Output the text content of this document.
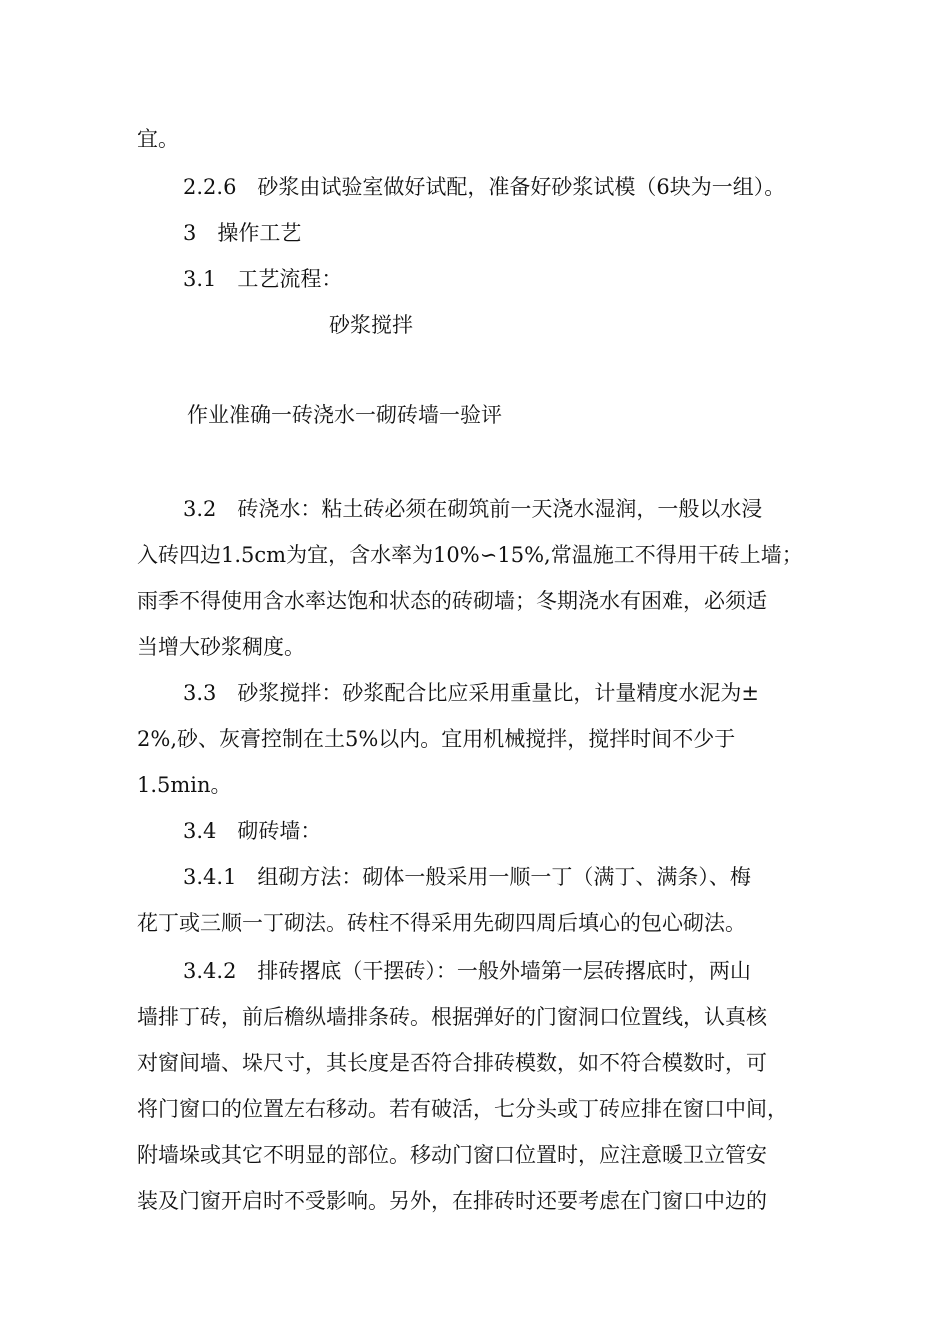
宜。
2.2.6　砂浆由试验室做好试配，准备好砂浆试模（6块为一组）。
3　操作工艺
3.1　工艺流程：
砂浆搅拌
作业准确一砖浇水一砌砖墙一验评
3.2　砖浇水：粘土砖必须在砌筑前一天浇水湿润，一般以水浸
入砖四边1.5cm为宜，含水率为10%∽15%,常温施工不得用干砖上墙；
雨季不得使用含水率达饱和状态的砖砌墙；冬期浇水有困难，必须适
当增大砂浆稠度。
3.3　砂浆搅拌：砂浆配合比应采用重量比，计量精度水泥为±
2%,砂、灰膏控制在土5%以内。宜用机械搅拌，搅拌时间不少于
1.5min。
3.4　砌砖墙：
3.4.1　组砌方法：砌体一般采用一顺一丁（满丁、满条）、梅
花丁或三顺一丁砌法。砖柱不得采用先砌四周后填心的包心砌法。
3.4.2　排砖撂底（干摆砖）：一般外墙第一层砖撂底时，两山
墙排丁砖，前后檐纵墙排条砖。根据弹好的门窗洞口位置线，认真核
对窗间墙、垛尺寸，其长度是否符合排砖模数，如不符合模数时，可
将门窗口的位置左右移动。若有破活，七分头或丁砖应排在窗口中间，
附墙垛或其它不明显的部位。移动门窗口位置时，应注意暖卫立管安
装及门窗开启时不受影响。另外，在排砖时还要考虑在门窗口中边的
